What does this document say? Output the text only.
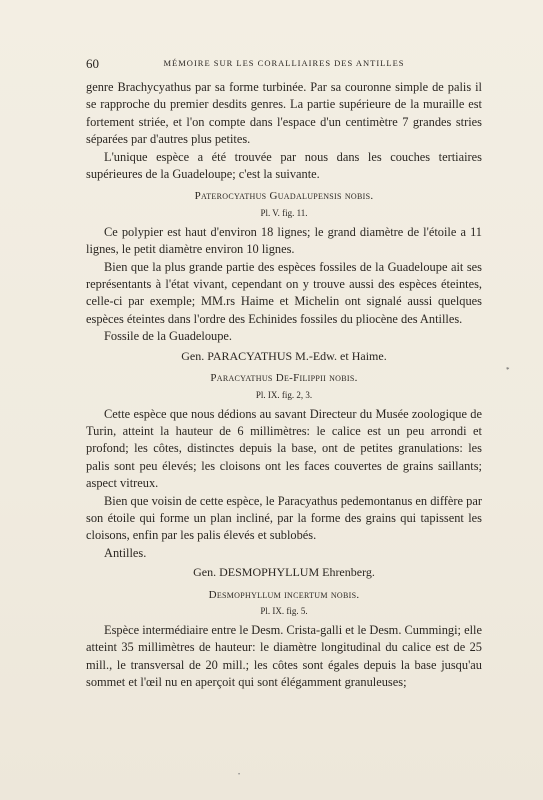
60	MÉMOIRE SUR LES CORALLIAIRES DES ANTILLES

genre Brachycyathus par sa forme turbinée. Par sa couronne simple de palis il se rapproche du premier desdits genres. La partie supérieure de la muraille est fortement striée, et l'on compte dans l'espace d'un centimètre 7 grandes stries séparées par d'autres plus petites.

L'unique espèce a été trouvée par nous dans les couches tertiaires supérieures de la Guadeloupe; c'est la suivante.

Paterocyathus Guadalupensis nobis.
Pl. V. fig. 11.

Ce polypier est haut d'environ 18 lignes; le grand diamètre de l'étoile a 11 lignes, le petit diamètre environ 10 lignes.

Bien que la plus grande partie des espèces fossiles de la Guadeloupe ait ses représentants à l'état vivant, cependant on y trouve aussi des espèces éteintes, celle-ci par exemple; MM.rs Haime et Michelin ont signalé aussi quelques espèces éteintes dans l'ordre des Echinides fossiles du pliocène des Antilles.

Fossile de la Guadeloupe.

Gen. PARACYATHUS M.-Edw. et Haime.
Paracyathus De-Filippii nobis.
Pl. IX. fig. 2, 3.

Cette espèce que nous dédions au savant Directeur du Musée zoologique de Turin, atteint la hauteur de 6 millimètres: le calice est un peu arrondi et profond; les côtes, distinctes depuis la base, ont de petites granulations: les palis sont peu élevés; les cloisons ont les faces couvertes de grains saillants; aspect vitreux.

Bien que voisin de cette espèce, le Paracyathus pedemontanus en diffère par son étoile qui forme un plan incliné, par la forme des grains qui tapissent les cloisons, enfin par les palis élevés et sublobés.

Antilles.

Gen. DESMOPHYLLUM Ehrenberg.
Desmophyllum incertum nobis.
Pl. IX. fig. 5.

Espèce intermédiaire entre le Desm. Crista-galli et le Desm. Cummingi; elle atteint 35 millimètres de hauteur: le diamètre longitudinal du calice est de 25 mill., le transversal de 20 mill.; les côtes sont égales depuis la base jusqu'au sommet et l'œil nu en aperçoit qui sont élégamment granuleuses;

*
•
